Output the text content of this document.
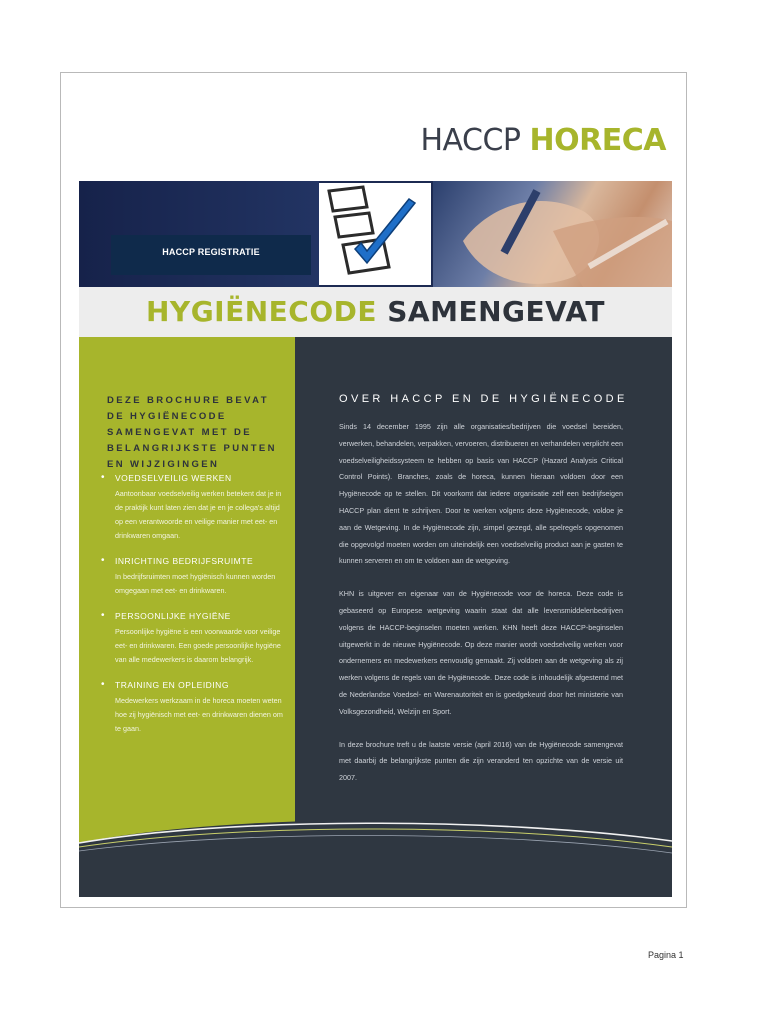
HACCP HORECA
HACCP REGISTRATIE
HYGIËNECODE SAMENGEVAT
DEZE BROCHURE BEVAT DE HYGIËNECODE SAMENGEVAT MET DE BELANGRIJKSTE PUNTEN EN WIJZIGINGEN
• VOEDSELVEILIG WERKEN
Aantoonbaar voedselveilig werken betekent dat je in de praktijk kunt laten zien dat je en je collega's altijd op een verantwoorde en veilige manier met eet- en drinkwaren omgaan.
• INRICHTING BEDRIJFSRUIMTE
In bedrijfsruimten moet hygiënisch kunnen worden omgegaan met eet- en drinkwaren.
• PERSOONLIJKE HYGIËNE
Persoonlijke hygiëne is een voorwaarde voor veilige eet- en drinkwaren. Een goede persoonlijke hygiëne van alle medewerkers is daarom belangrijk.
• TRAINING EN OPLEIDING
Medewerkers werkzaam in de horeca moeten weten hoe zij hygiënisch met eet- en drinkwaren dienen om te gaan.
OVER HACCP EN DE HYGIËNECODE

Sinds 14 december 1995 zijn alle organisaties/bedrijven die voedsel bereiden, verwerken, behandelen, verpakken, vervoeren, distribueren en verhandelen verplicht een voedselveiligheidssysteem te hebben op basis van HACCP (Hazard Analysis Critical Control Points). Branches, zoals de horeca, kunnen hieraan voldoen door een Hygiënecode op te stellen. Dit voorkomt dat iedere organisatie zelf een bedrijfseigen HACCP plan dient te schrijven. Door te werken volgens deze Hygiënecode, voldoe je aan de Wetgeving. In de Hygiënecode zijn, simpel gezegd, alle spelregels opgenomen die opgevolgd moeten worden om uiteindelijk een voedselveilig product aan je gasten te kunnen serveren en om te voldoen aan de wetgeving.

KHN is uitgever en eigenaar van de Hygiënecode voor de horeca. Deze code is gebaseerd op Europese wetgeving waarin staat dat alle levensmiddelenbedrijven volgens de HACCP-beginselen moeten werken. KHN heeft deze HACCP-beginselen uitgewerkt in de nieuwe Hygiënecode. Op deze manier wordt voedselveilig werken voor ondernemers en medewerkers eenvoudig gemaakt. Zij voldoen aan de wetgeving als zij werken volgens de regels van de Hygiënecode. Deze code is inhoudelijk afgestemd met de Nederlandse Voedsel- en Warenautoriteit en is goedgekeurd door het ministerie van Volksgezondheid, Welzijn en Sport.

In deze brochure treft u de laatste versie (april 2016) van de Hygiënecode samengevat met daarbij de belangrijkste punten die zijn veranderd ten opzichte van de versie uit 2007.

Pagina 1
